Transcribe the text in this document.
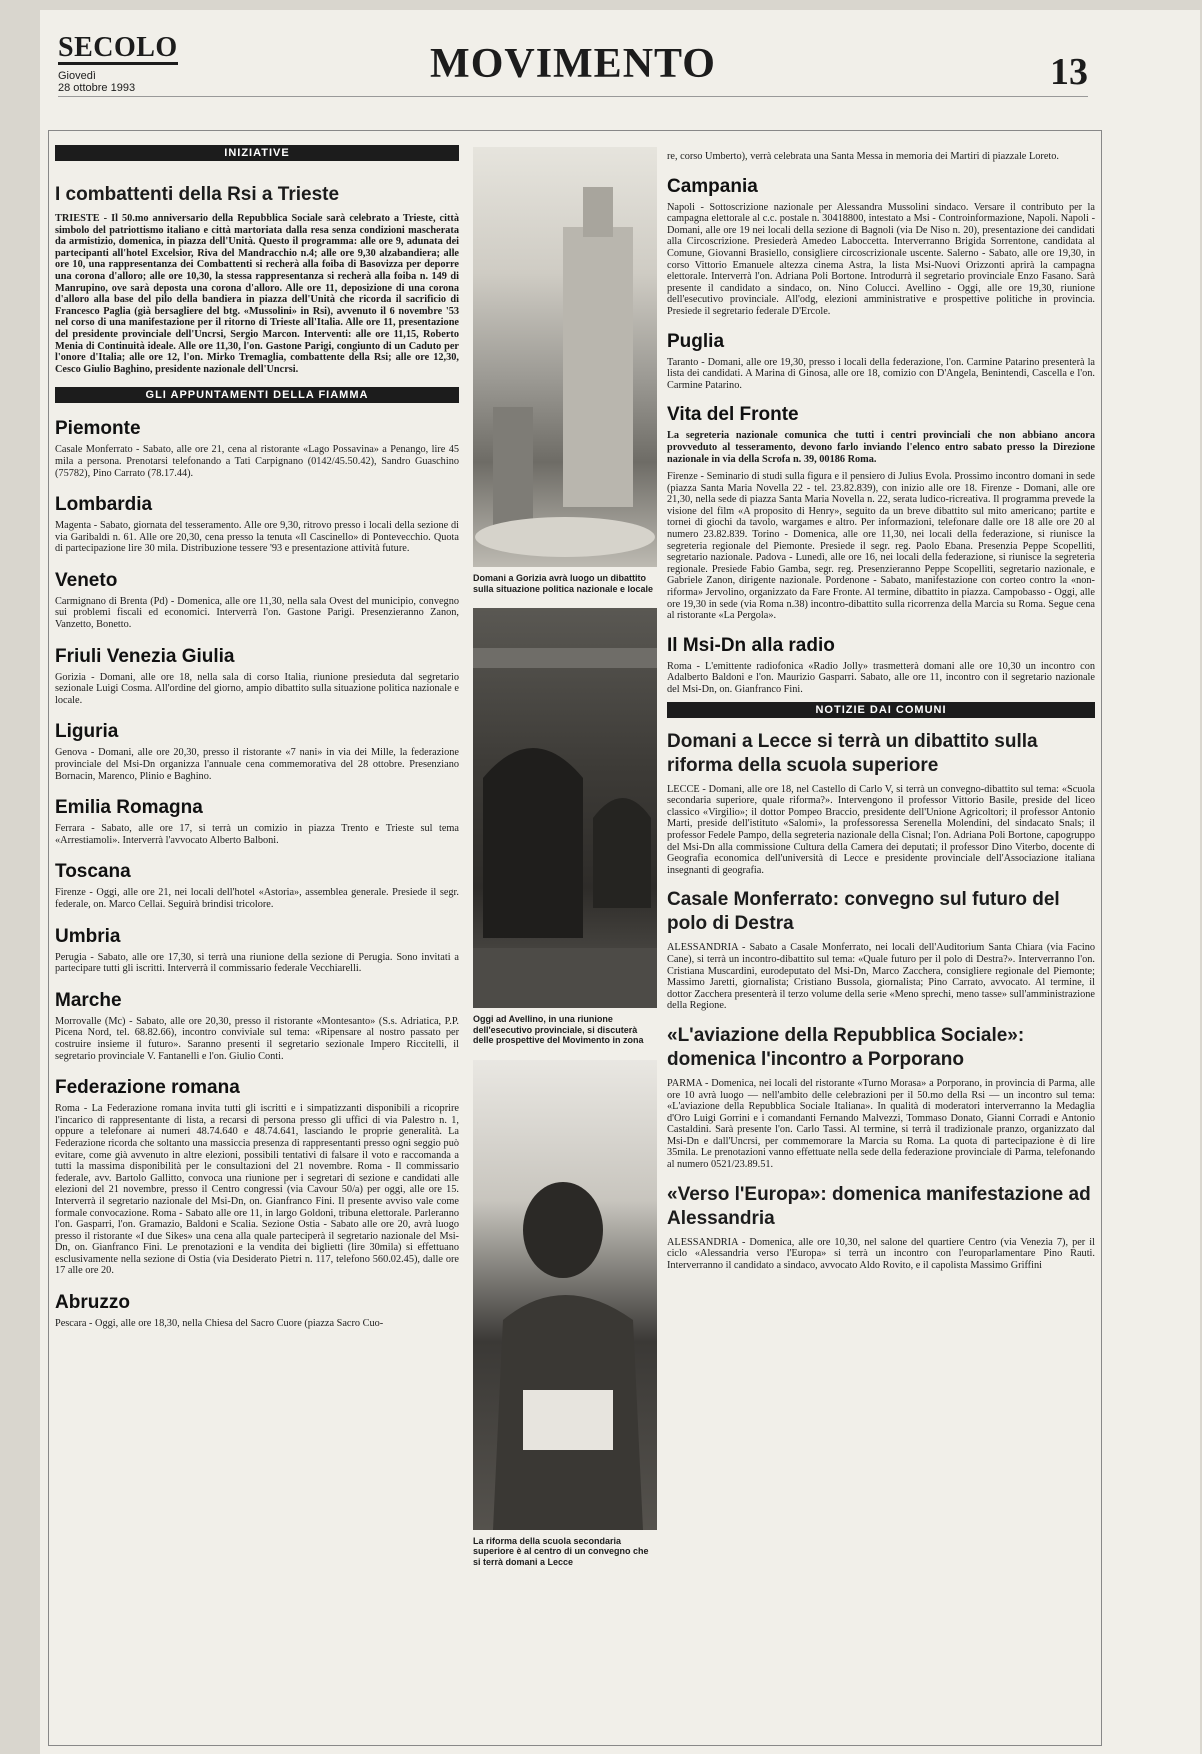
SECOLO
Giovedì
28 ottobre 1993
MOVIMENTO	13
INIZIATIVE
I combattenti della Rsi a Trieste

TRIESTE - Il 50.mo anniversario della Repubblica Sociale sarà celebrato a Trieste, città simbolo del patriottismo italiano e città martoriata dalla resa senza condizioni mascherata da armistizio, domenica, in piazza dell'Unità. Questo il programma: alle ore 9, adunata dei partecipanti all'hotel Excelsior, Riva del Mandracchio n.4; alle ore 9,30 alzabandiera; alle ore 10, una rappresentanza dei Combattenti si recherà alla foiba di Basovizza per deporre una corona d'alloro; alle ore 10,30, la stessa rappresentanza si recherà alla foiba n. 149 di Manrupino, ove sarà deposta una corona d'alloro. Alle ore 11, deposizione di una corona d'alloro alla base del pilo della bandiera in piazza dell'Unità che ricorda il sacrificio di Francesco Paglia (già bersagliere del btg. «Mussolini» in Rsi), avvenuto il 6 novembre '53 nel corso di una manifestazione per il ritorno di Trieste all'Italia. Alle ore 11, presentazione del presidente provinciale dell'Uncrsi, Sergio Marcon. Interventi: alle ore 11,15, Roberto Menia di Continuità ideale. Alle ore 11,30, l'on. Gastone Parigi, congiunto di un Caduto per l'onore d'Italia; alle ore 12, l'on. Mirko Tremaglia, combattente della Rsi; alle ore 12,30, Cesco Giulio Baghino, presidente nazionale dell'Uncrsi.

GLI APPUNTAMENTI DELLA FIAMMA
Piemonte

Casale Monferrato - Sabato, alle ore 21, cena al ristorante «Lago Possavina» a Penango, lire 45 mila a persona. Prenotarsi telefonando a Tati Carpignano (0142/45.50.42), Sandro Guaschino (75782), Pino Carrato (78.17.44).

Lombardia

Magenta - Sabato, giornata del tesseramento. Alle ore 9,30, ritrovo presso i locali della sezione di via Garibaldi n. 61. Alle ore 20,30, cena presso la tenuta «Il Cascinello» di Pontevecchio. Quota di partecipazione lire 30 mila. Distribuzione tessere '93 e presentazione attività future.

Veneto

Carmignano di Brenta (Pd) - Domenica, alle ore 11,30, nella sala Ovest del municipio, convegno sui problemi fiscali ed economici. Interverrà l'on. Gastone Parigi. Presenzieranno Zanon, Vanzetto, Bonetto.

Friuli Venezia Giulia

Gorizia - Domani, alle ore 18, nella sala di corso Italia, riunione presieduta dal segretario sezionale Luigi Cosma. All'ordine del giorno, ampio dibattito sulla situazione politica nazionale e locale.

Liguria

Genova - Domani, alle ore 20,30, presso il ristorante «7 nani» in via dei Mille, la federazione provinciale del Msi-Dn organizza l'annuale cena commemorativa del 28 ottobre. Presenziano Bornacin, Marenco, Plinio e Baghino.

Emilia Romagna

Ferrara - Sabato, alle ore 17, si terrà un comizio in piazza Trento e Trieste sul tema «Arrestiamoli». Interverrà l'avvocato Alberto Balboni.

Toscana

Firenze - Oggi, alle ore 21, nei locali dell'hotel «Astoria», assemblea generale. Presiede il segr. federale, on. Marco Cellai. Seguirà brindisi tricolore.

Umbria

Perugia - Sabato, alle ore 17,30, si terrà una riunione della sezione di Perugia. Sono invitati a partecipare tutti gli iscritti. Interverrà il commissario federale Vecchiarelli.

Marche

Morrovalle (Mc) - Sabato, alle ore 20,30, presso il ristorante «Montesanto» (S.s. Adriatica, P.P. Picena Nord, tel. 68.82.66), incontro conviviale sul tema: «Ripensare al nostro passato per costruire insieme il futuro». Saranno presenti il segretario sezionale Impero Riccitelli, il segretario provinciale V. Fantanelli e l'on. Giulio Conti.

Federazione romana

Roma - La Federazione romana invita tutti gli iscritti e i simpatizzanti disponibili a ricoprire l'incarico di rappresentante di lista, a recarsi di persona presso gli uffici di via Palestro n. 1, oppure a telefonare ai numeri 48.74.640 e 48.74.641, lasciando le proprie generalità. La Federazione ricorda che soltanto una massiccia presenza di rappresentanti presso ogni seggio può evitare, come già avvenuto in altre elezioni, possibili tentativi di falsare il voto e raccomanda a tutti la massima disponibilità per le consultazioni del 21 novembre. Roma - Il commissario federale, avv. Bartolo Gallitto, convoca una riunione per i segretari di sezione e candidati alle elezioni del 21 novembre, presso il Centro congressi (via Cavour 50/a) per oggi, alle ore 15. Interverrà il segretario nazionale del Msi-Dn, on. Gianfranco Fini. Il presente avviso vale come formale convocazione. Roma - Sabato alle ore 11, in largo Goldoni, tribuna elettorale. Parleranno l'on. Gasparri, l'on. Gramazio, Baldoni e Scalia. Sezione Ostia - Sabato alle ore 20, avrà luogo presso il ristorante «I due Sikes» una cena alla quale parteciperà il segretario nazionale del Msi-Dn, on. Gianfranco Fini. Le prenotazioni e la vendita dei biglietti (lire 30mila) si effettuano esclusivamente nella sezione di Ostia (via Desiderato Pietri n. 117, telefono 560.02.45), dalle ore 17 alle ore 20.

Abruzzo

Pescara - Oggi, alle ore 18,30, nella Chiesa del Sacro Cuore (piazza Sacro Cuo-

Domani a Gorizia avrà luogo un dibattito sulla situazione politica nazionale e locale
Oggi ad Avellino, in una riunione dell'esecutivo provinciale, si discuterà delle prospettive del Movimento in zona
La riforma della scuola secondaria superiore è al centro di un convegno che si terrà domani a Lecce

re, corso Umberto), verrà celebrata una Santa Messa in memoria dei Martiri di piazzale Loreto.

Campania

Napoli - Sottoscrizione nazionale per Alessandra Mussolini sindaco. Versare il contributo per la campagna elettorale al c.c. postale n. 30418800, intestato a Msi - Controinformazione, Napoli. Napoli - Domani, alle ore 19 nei locali della sezione di Bagnoli (via De Niso n. 20), presentazione dei candidati alla Circoscrizione. Presiederà Amedeo Laboccetta. Interverranno Brigida Sorrentone, candidata al Comune, Giovanni Brasiello, consigliere circoscrizionale uscente. Salerno - Sabato, alle ore 19,30, in corso Vittorio Emanuele altezza cinema Astra, la lista Msi-Nuovi Orizzonti aprirà la campagna elettorale. Interverrà l'on. Adriana Poli Bortone. Introdurrà il segretario provinciale Enzo Fasano. Sarà presente il candidato a sindaco, on. Nino Colucci. Avellino - Oggi, alle ore 19,30, riunione dell'esecutivo provinciale. All'odg, elezioni amministrative e prospettive politiche in provincia. Presiede il segretario federale D'Ercole.

Puglia

Taranto - Domani, alle ore 19,30, presso i locali della federazione, l'on. Carmine Patarino presenterà la lista dei candidati. A Marina di Ginosa, alle ore 18, comizio con D'Angela, Benintendi, Cascella e l'on. Carmine Patarino.

Vita del Fronte

La segreteria nazionale comunica che tutti i centri provinciali che non abbiano ancora provveduto al tesseramento, devono farlo inviando l'elenco entro sabato presso la Direzione nazionale in via della Scrofa n. 39, 00186 Roma.

Firenze - Seminario di studi sulla figura e il pensiero di Julius Evola. Prossimo incontro domani in sede (piazza Santa Maria Novella 22 - tel. 23.82.839), con inizio alle ore 18. Firenze - Domani, alle ore 21,30, nella sede di piazza Santa Maria Novella n. 22, serata ludico-ricreativa. Il programma prevede la visione del film «A proposito di Henry», seguito da un breve dibattito sul mito americano; partite e tornei di giochi da tavolo, wargames e altro. Per informazioni, telefonare dalle ore 18 alle ore 20 al numero 23.82.839. Torino - Domenica, alle ore 11,30, nei locali della federazione, si riunisce la segreteria regionale del Piemonte. Presiede il segr. reg. Paolo Ebana. Presenzia Peppe Scopelliti, segretario nazionale. Padova - Lunedì, alle ore 16, nei locali della federazione, si riunisce la segreteria regionale. Presiede Fabio Gamba, segr. reg. Presenzieranno Peppe Scopelliti, segretario nazionale, e Gabriele Zanon, dirigente nazionale. Pordenone - Sabato, manifestazione con corteo contro la «non-riforma» Jervolino, organizzato da Fare Fronte. Al termine, dibattito in piazza. Campobasso - Oggi, alle ore 19,30 in sede (via Roma n.38) incontro-dibattito sulla ricorrenza della Marcia su Roma. Segue cena al ristorante «La Pergola».

Il Msi-Dn alla radio

Roma - L'emittente radiofonica «Radio Jolly» trasmetterà domani alle ore 10,30 un incontro con Adalberto Baldoni e l'on. Maurizio Gasparri. Sabato, alle ore 11, incontro con il segretario nazionale del Msi-Dn, on. Gianfranco Fini.

NOTIZIE DAI COMUNI
Domani a Lecce si terrà un dibattito sulla riforma della scuola superiore

LECCE - Domani, alle ore 18, nel Castello di Carlo V, si terrà un convegno-dibattito sul tema: «Scuola secondaria superiore, quale riforma?». Intervengono il professor Vittorio Basile, preside del liceo classico «Virgilio»; il dottor Pompeo Braccio, presidente dell'Unione Agricoltori; il professor Antonio Marti, preside dell'istituto «Salomi», la professoressa Serenella Molendini, del sindacato Snals; il professor Fedele Pampo, della segreteria nazionale della Cisnal; l'on. Adriana Poli Bortone, capogruppo del Msi-Dn alla commissione Cultura della Camera dei deputati; il professor Dino Viterbo, docente di Geografia economica dell'università di Lecce e presidente provinciale dell'Associazione italiana insegnanti di geografia.

Casale Monferrato: convegno sul futuro del polo di Destra

ALESSANDRIA - Sabato a Casale Monferrato, nei locali dell'Auditorium Santa Chiara (via Facino Cane), si terrà un incontro-dibattito sul tema: «Quale futuro per il polo di Destra?». Interverranno l'on. Cristiana Muscardini, eurodeputato del Msi-Dn, Marco Zacchera, consigliere regionale del Piemonte; Massimo Jaretti, giornalista; Cristiano Bussola, giornalista; Pino Carrato, avvocato. Al termine, il dottor Zacchera presenterà il terzo volume della serie «Meno sprechi, meno tasse» sull'amministrazione della Regione.

«L'aviazione della Repubblica Sociale»: domenica l'incontro a Porporano

PARMA - Domenica, nei locali del ristorante «Turno Morasa» a Porporano, in provincia di Parma, alle ore 10 avrà luogo — nell'ambito delle celebrazioni per il 50.mo della Rsi — un incontro sul tema: «L'aviazione della Repubblica Sociale Italiana». In qualità di moderatori interverranno la Medaglia d'Oro Luigi Gorrini e i comandanti Fernando Malvezzi, Tommaso Donato, Gianni Corradi e Antonio Castaldini. Sarà presente l'on. Carlo Tassi. Al termine, si terrà il tradizionale pranzo, organizzato dal Msi-Dn e dall'Uncrsi, per commemorare la Marcia su Roma. La quota di partecipazione è di lire 35mila. Le prenotazioni vanno effettuate nella sede della federazione provinciale di Parma, telefonando al numero 0521/23.89.51.

«Verso l'Europa»: domenica manifestazione ad Alessandria

ALESSANDRIA - Domenica, alle ore 10,30, nel salone del quartiere Centro (via Venezia 7), per il ciclo «Alessandria verso l'Europa» si terrà un incontro con l'europarlamentare Pino Rauti. Interverranno il candidato a sindaco, avvocato Aldo Rovito, e il capolista Massimo Griffini
